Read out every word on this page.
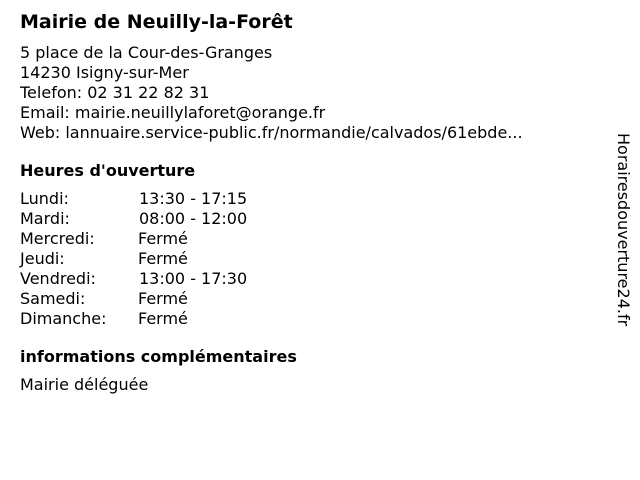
Mairie de Neuilly-la-Forêt
5 place de la Cour-des-Granges
14230 Isigny-sur-Mer
Telefon: 02 31 22 82 31
Email: mairie.neuillylaforet@orange.fr
Web: lannuaire.service-public.fr/normandie/calvados/61ebde...
Heures d'ouverture
Lundi:	13:30 - 17:15
Mardi:	08:00 - 12:00
Mercredi:	Fermé
Jeudi:	Fermé
Vendredi:	13:00 - 17:30
Samedi:	Fermé
Dimanche:	Fermé
informations complémentaires
Mairie déléguée
Horairesdouverture24.fr
